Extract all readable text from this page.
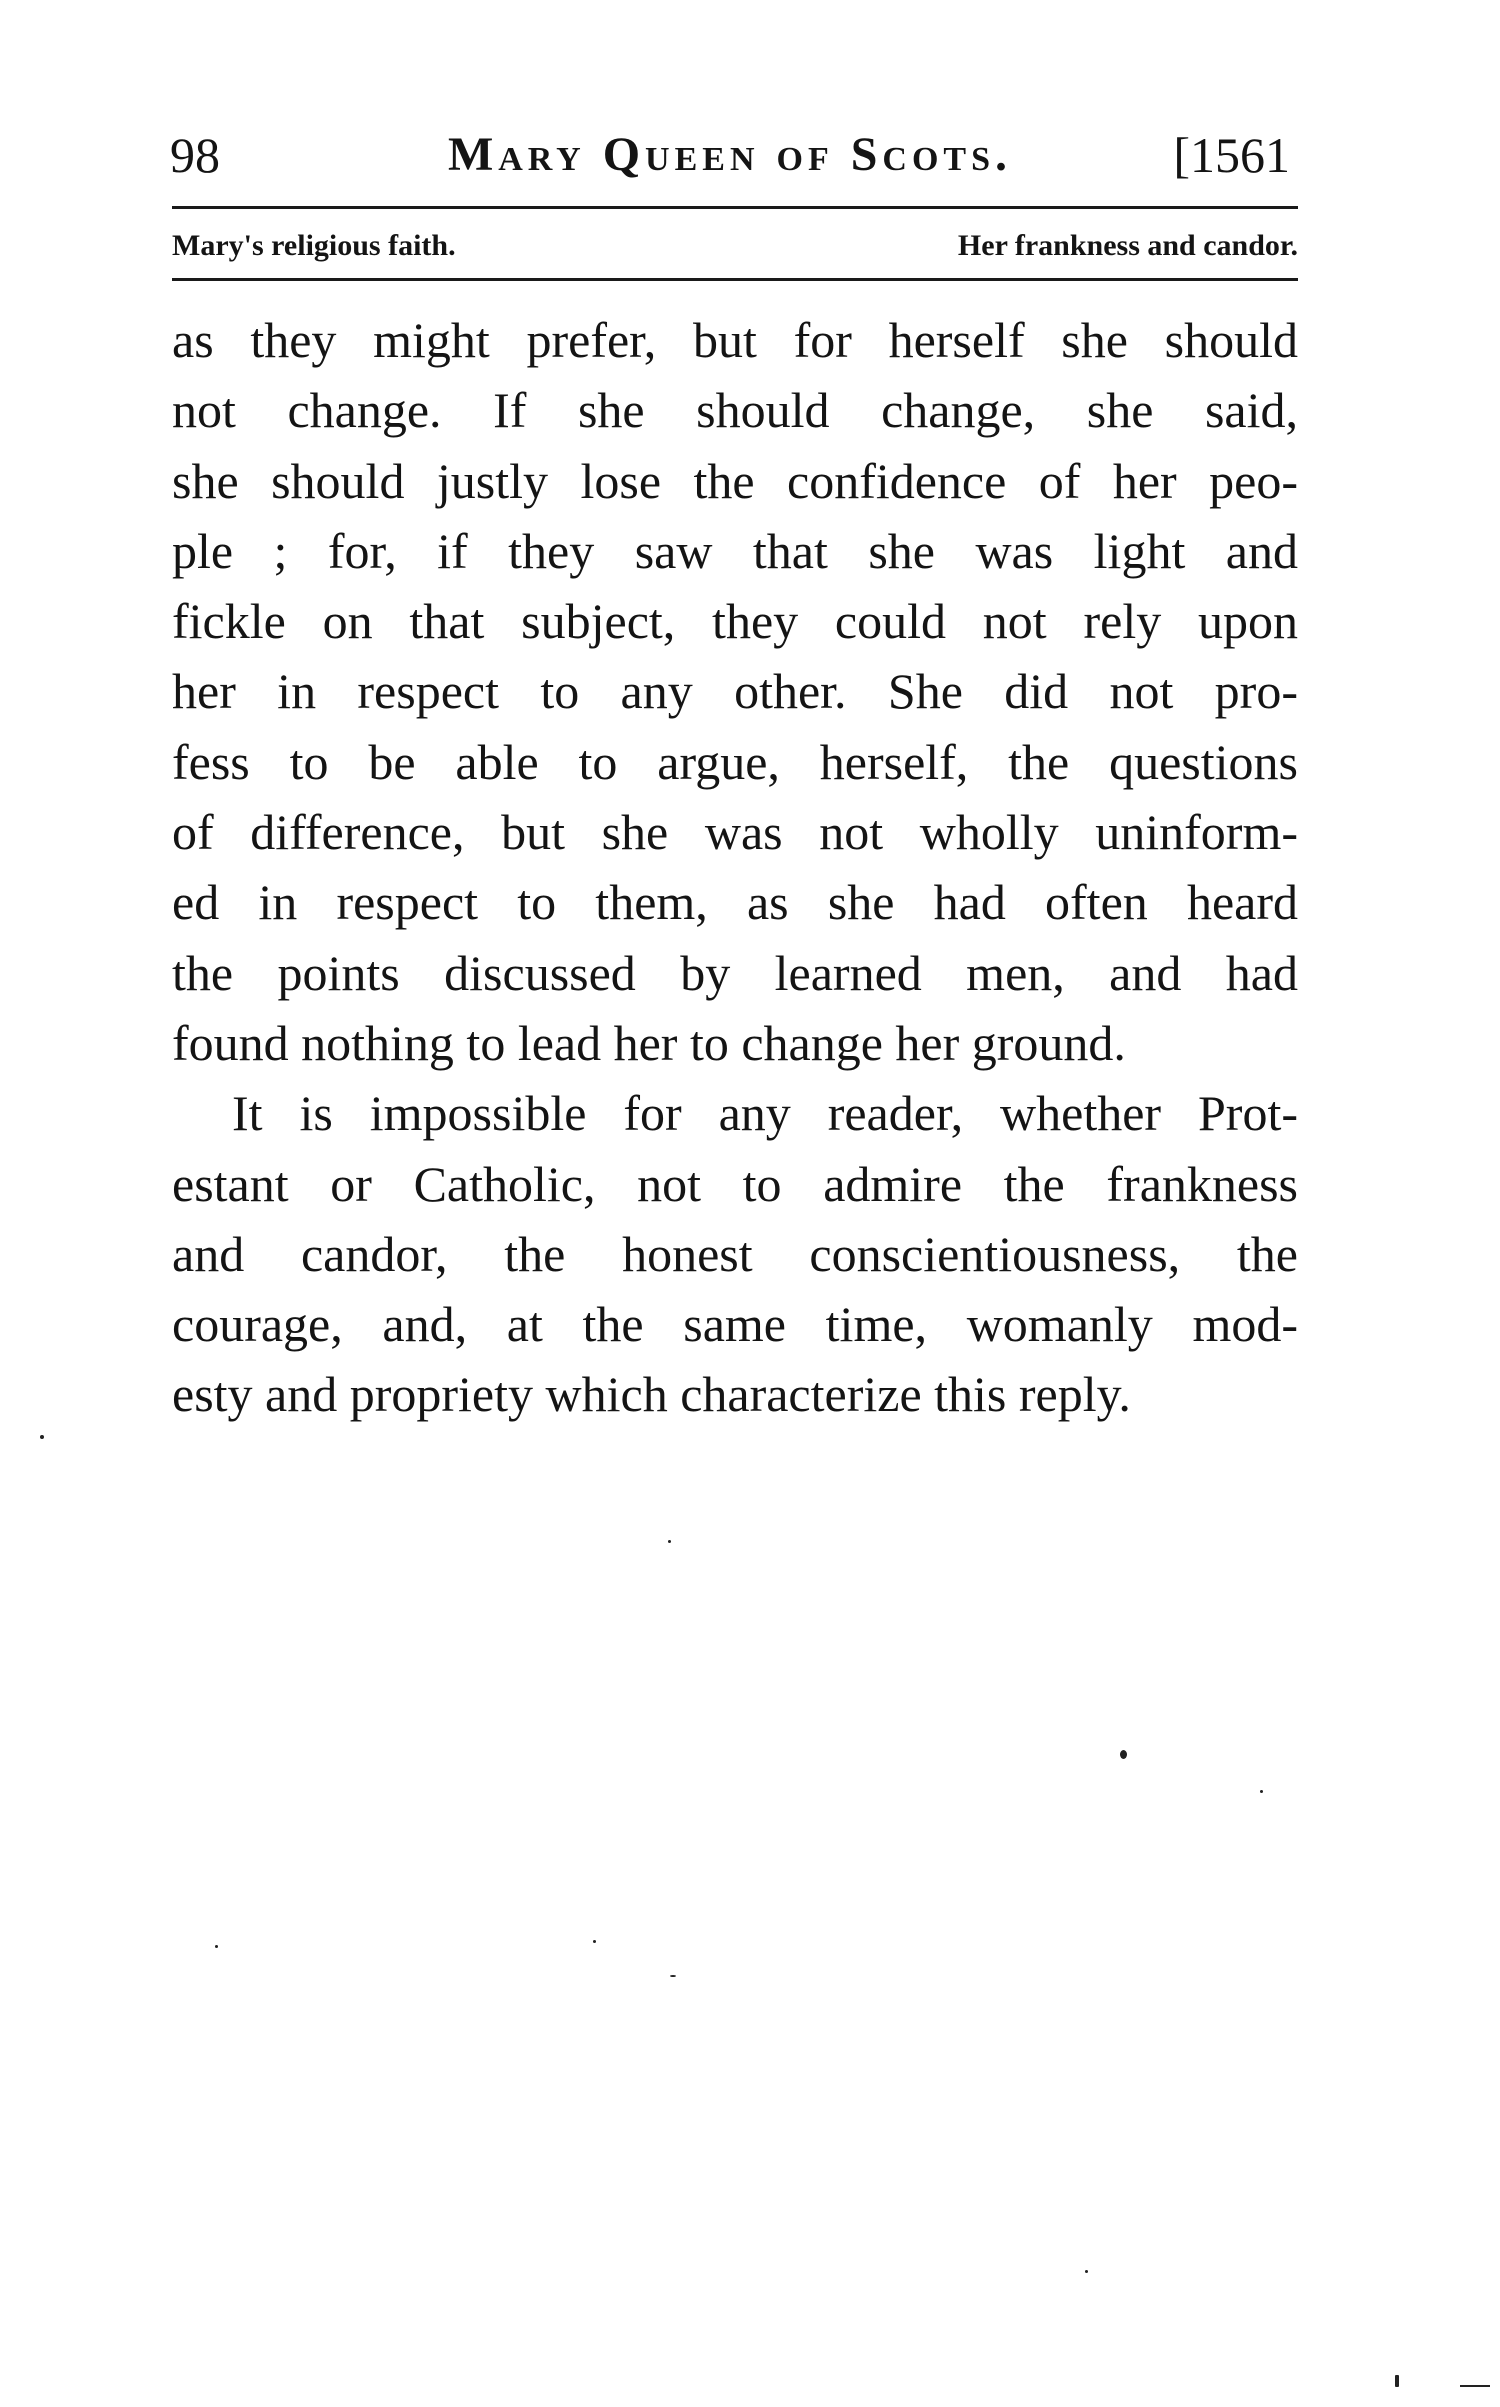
98	Mary Queen of Scots.	[1561
Mary's religious faith.	Her frankness and candor.

as they might prefer, but for herself she should
not change. If she should change, she said,
she should justly lose the confidence of her peo-
ple ; for, if they saw that she was light and
fickle on that subject, they could not rely upon
her in respect to any other. She did not pro-
fess to be able to argue, herself, the questions
of difference, but she was not wholly uninform-
ed in respect to them, as she had often heard
the points discussed by learned men, and had
found nothing to lead her to change her ground.

It is impossible for any reader, whether Prot-
estant or Catholic, not to admire the frankness
and candor, the honest conscientiousness, the
courage, and, at the same time, womanly mod-
esty and propriety which characterize this reply.
